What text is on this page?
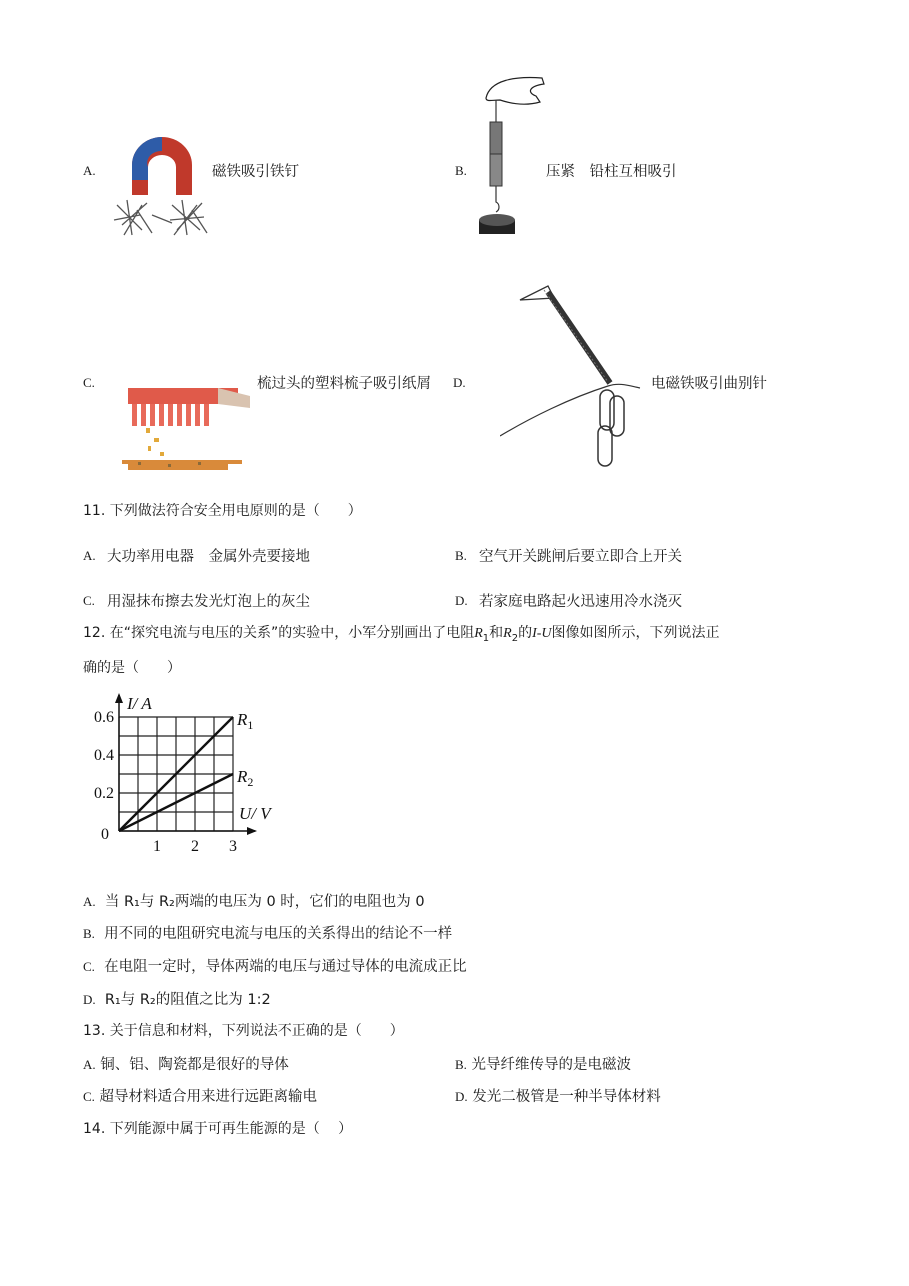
A.	磁铁吸引铁钉	B.	压紧　铅柱互相吸引
C.	梳过头的塑料梳子吸引纸屑 D.	电磁铁吸引曲别针
11. 下列做法符合安全用电原则的是（　　）
A. 大功率用电器　金属外壳要接地	B. 空气开关跳闸后要立即合上开关
C. 用湿抹布擦去发光灯泡上的灰尘	D. 若家庭电路起火迅速用冷水浇灭
12. 在“探究电流与电压的关系”的实验中，小军分别画出了电阻$R_1$和$R_2$的I-U图像如图所示，下列说法正
确的是（　　）
1 2 3
0.2
0.4
0.6
0
I/ A
U/ V
$R_1$
$R_2$
A. 当 R₁与 R₂两端的电压为 0 时，它们的电阻也为 0
B. 用不同的电阻研究电流与电压的关系得出的结论不一样
C. 在电阻一定时，导体两端的电压与通过导体的电流成正比
D. R₁与 R₂的阻值之比为 1:2
13. 关于信息和材料，下列说法不正确的是（　　）
A. 铜、铝、陶瓷都是很好的导体	B. 光导纤维传导的是电磁波
C. 超导材料适合用来进行远距离输电	D. 发光二极管是一种半导体材料
14. 下列能源中属于可再生能源的是（　 ）
